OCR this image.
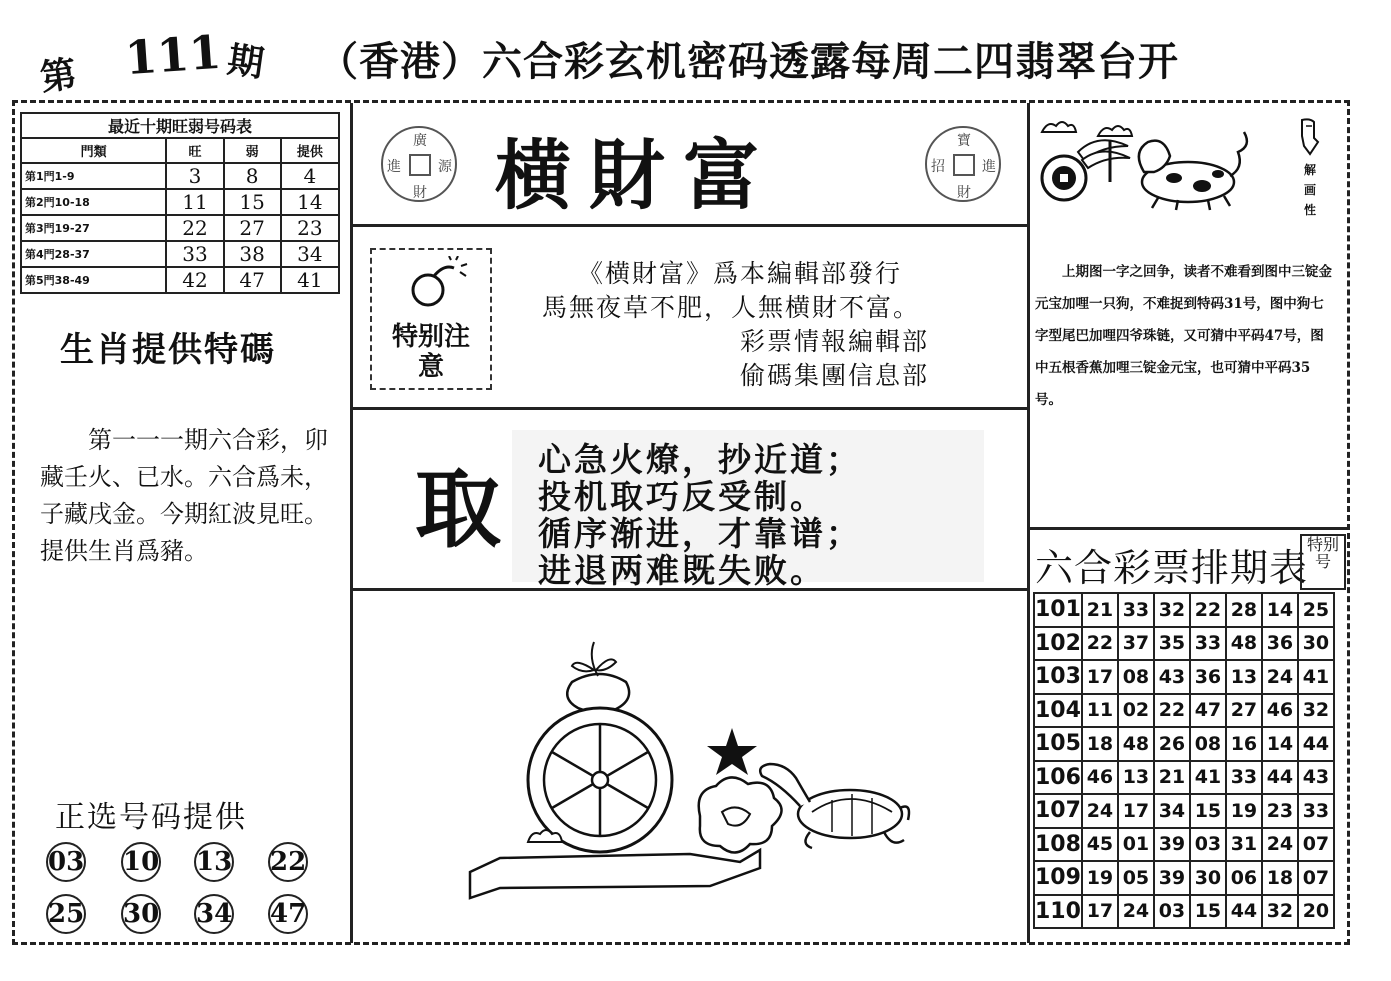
第 111 期 （香港）六合彩玄机密码透露每周二四翡翠台开
最近十期旺弱号码表			
門類	旺	弱	提供
第1門1-9	3	8	4
第2門10-18	11	15	14
第3門19-27	22	27	23
第4門28-37	33	38	34
第5門38-49	42	47	41
生肖提供特碼
第一一一期六合彩，卯藏壬火、已水。六合爲未，子藏戌金。今期紅波見旺。提供生肖爲豬。
正选号码提供
03 10 13 22
25 30 34 47
廣
進	源
財 横財富	寶
招	進
財
特别注意
《横財富》爲本編輯部發行
馬無夜草不肥，人無横財不富。
彩票情報編輯部
偷碼集團信息部
取
心急火燎，抄近道；
投机取巧反受制。
循序渐进，才靠谱；
进退两难既失败。
解画性
上期图一字之回争，读者不难看到图中三锭金元宝加哩一只狗，不难捉到特码31号，图中狗七字型尾巴加哩四爷珠链，又可猜中平码47号，图中五根香蕉加哩三锭金元宝，也可猜中平码35号。
六合彩票排期表
特别号
101	21	33	32	22	28	14	25
102	22	37	35	33	48	36	30
103	17	08	43	36	13	24	41
104	11	02	22	47	27	46	32
105	18	48	26	08	16	14	44
106	46	13	21	41	33	44	43
107	24	17	34	15	19	23	33
108	45	01	39	03	31	24	07
109	19	05	39	30	06	18	07
110	17	24	03	15	44	32	20
